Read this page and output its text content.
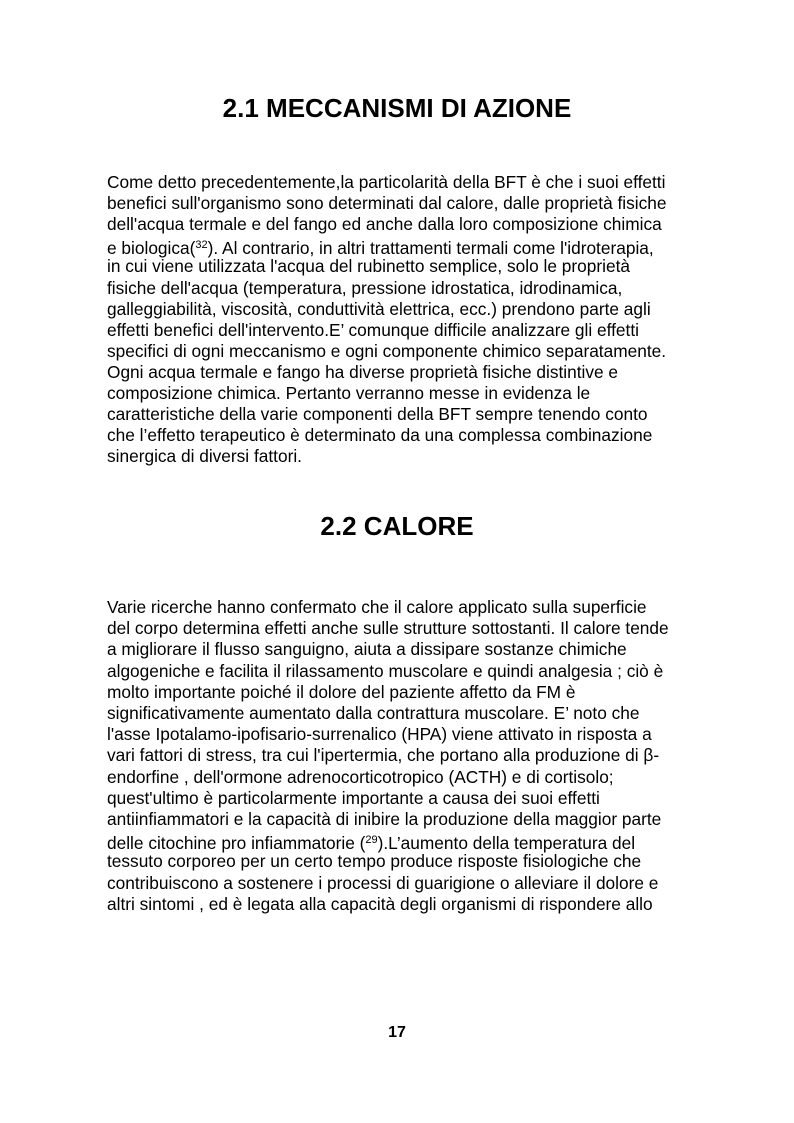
2.1 MECCANISMI DI AZIONE
Come detto precedentemente,la particolarità della BFT è che i suoi effetti
benefici sull'organismo sono determinati dal calore, dalle proprietà fisiche
dell'acqua termale e del fango ed anche dalla loro composizione chimica
e biologica($^{32}$). Al contrario, in altri trattamenti termali come l'idroterapia,
in cui viene utilizzata l'acqua del rubinetto semplice, solo le proprietà
fisiche dell'acqua (temperatura, pressione idrostatica, idrodinamica,
galleggiabilità, viscosità, conduttività elettrica, ecc.) prendono parte agli
effetti benefici dell'intervento.E’ comunque difficile analizzare gli effetti
specifici di ogni meccanismo e ogni componente chimico separatamente.
Ogni acqua termale e fango ha diverse proprietà fisiche distintive e
composizione chimica. Pertanto verranno messe in evidenza le
caratteristiche della varie componenti della BFT sempre tenendo conto
che l’effetto terapeutico è determinato da una complessa combinazione
sinergica di diversi fattori.
2.2 CALORE
Varie ricerche hanno confermato che il calore applicato sulla superficie
del corpo determina effetti anche sulle strutture sottostanti. Il calore tende
a migliorare il flusso sanguigno, aiuta a dissipare sostanze chimiche
algogeniche e facilita il rilassamento muscolare e quindi analgesia ; ciò è
molto importante poiché il dolore del paziente affetto da FM è
significativamente aumentato dalla contrattura muscolare. E’ noto che
l'asse Ipotalamo-ipofisario-surrenalico (HPA) viene attivato in risposta a
vari fattori di stress, tra cui l'ipertermia, che portano alla produzione di β-
endorfine , dell'ormone adrenocorticotropico (ACTH) e di cortisolo;
quest'ultimo è particolarmente importante a causa dei suoi effetti
antiinfiammatori e la capacità di inibire la produzione della maggior parte
delle citochine pro infiammatorie ($^{29}$).L’aumento della temperatura del
tessuto corporeo per un certo tempo produce risposte fisiologiche che
contribuiscono a sostenere i processi di guarigione o alleviare il dolore e
altri sintomi , ed è legata alla capacità degli organismi di rispondere allo
17
